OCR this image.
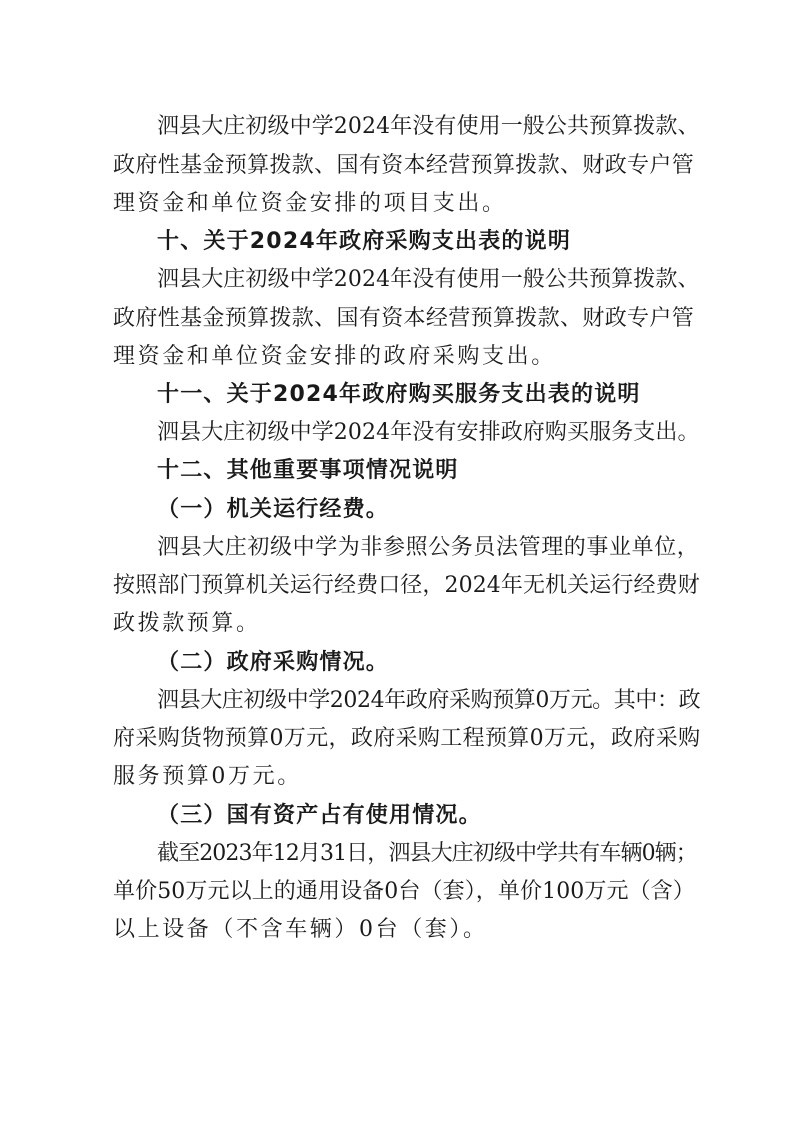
泗县大庄初级中学2024年没有使用一般公共预算拨款、
政府性基金预算拨款、国有资本经营预算拨款、财政专户管
理资金和单位资金安排的项目支出。
十、关于2024年政府采购支出表的说明
泗县大庄初级中学2024年没有使用一般公共预算拨款、
政府性基金预算拨款、国有资本经营预算拨款、财政专户管
理资金和单位资金安排的政府采购支出。
十一、关于2024年政府购买服务支出表的说明
泗县大庄初级中学2024年没有安排政府购买服务支出。
十二、其他重要事项情况说明
（一）机关运行经费。
泗县大庄初级中学为非参照公务员法管理的事业单位，
按照部门预算机关运行经费口径，2024年无机关运行经费财
政拨款预算。
（二）政府采购情况。
泗县大庄初级中学2024年政府采购预算0万元。其中：政
府采购货物预算0万元，政府采购工程预算0万元，政府采购
服务预算0万元。
（三）国有资产占有使用情况。
截至2023年12月31日，泗县大庄初级中学共有车辆0辆；
单价50万元以上的通用设备0台（套），单价100万元（含）
以上设备（不含车辆）0台（套）。
